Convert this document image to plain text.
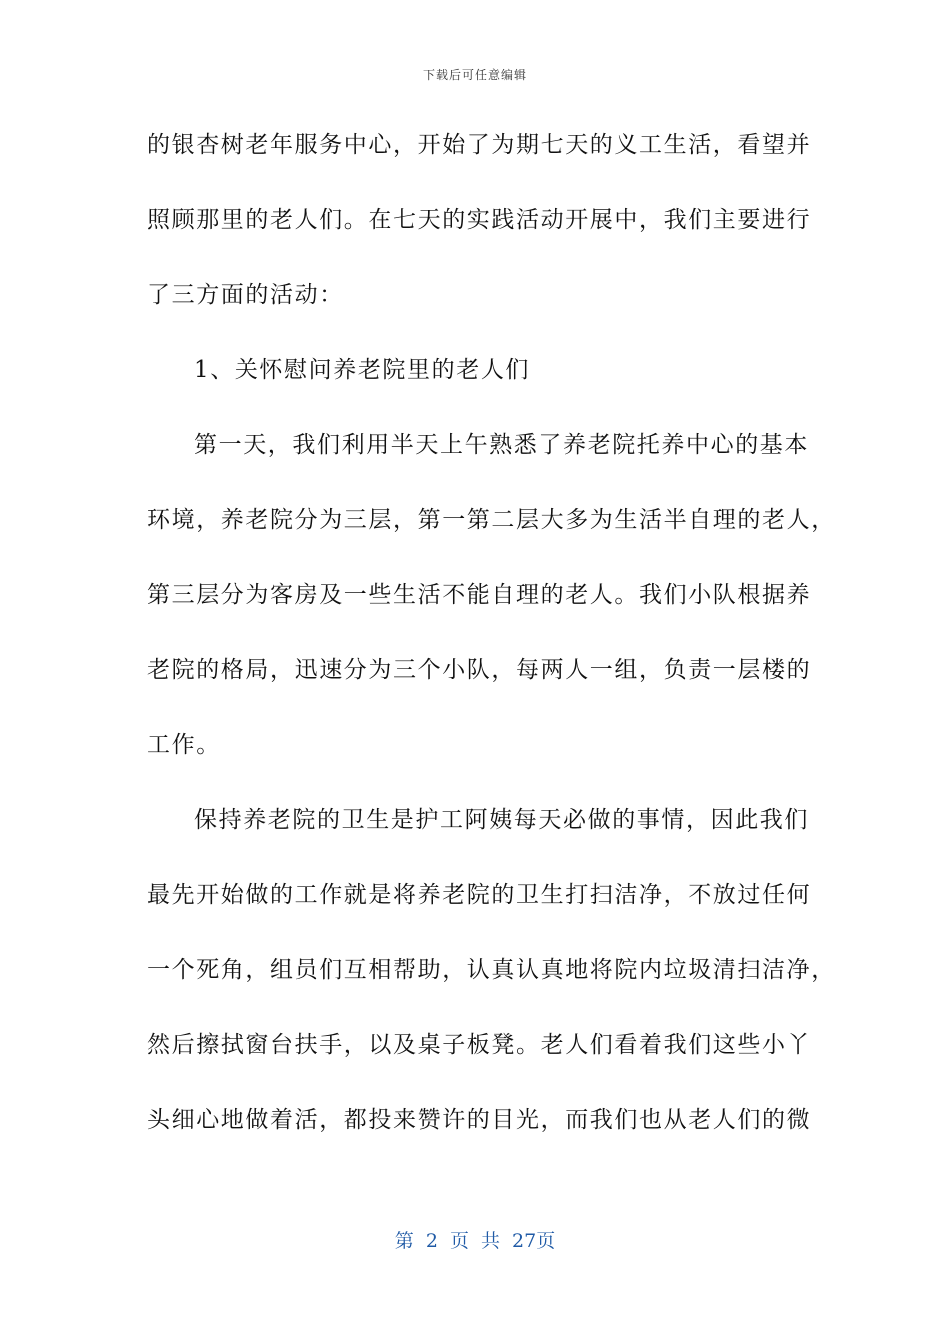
下载后可任意编辑
的银杏树老年服务中心，开始了为期七天的义工生活，看望并
照顾那里的老人们。在七天的实践活动开展中，我们主要进行
了三方面的活动：
1、关怀慰问养老院里的老人们
第一天，我们利用半天上午熟悉了养老院托养中心的基本
环境，养老院分为三层，第一第二层大多为生活半自理的老人，
第三层分为客房及一些生活不能自理的老人。我们小队根据养
老院的格局，迅速分为三个小队，每两人一组，负责一层楼的
工作。
保持养老院的卫生是护工阿姨每天必做的事情，因此我们
最先开始做的工作就是将养老院的卫生打扫洁净，不放过任何
一个死角，组员们互相帮助，认真认真地将院内垃圾清扫洁净，
然后擦拭窗台扶手，以及桌子板凳。老人们看着我们这些小丫
头细心地做着活，都投来赞许的目光，而我们也从老人们的微
第 2 页 共 27页
